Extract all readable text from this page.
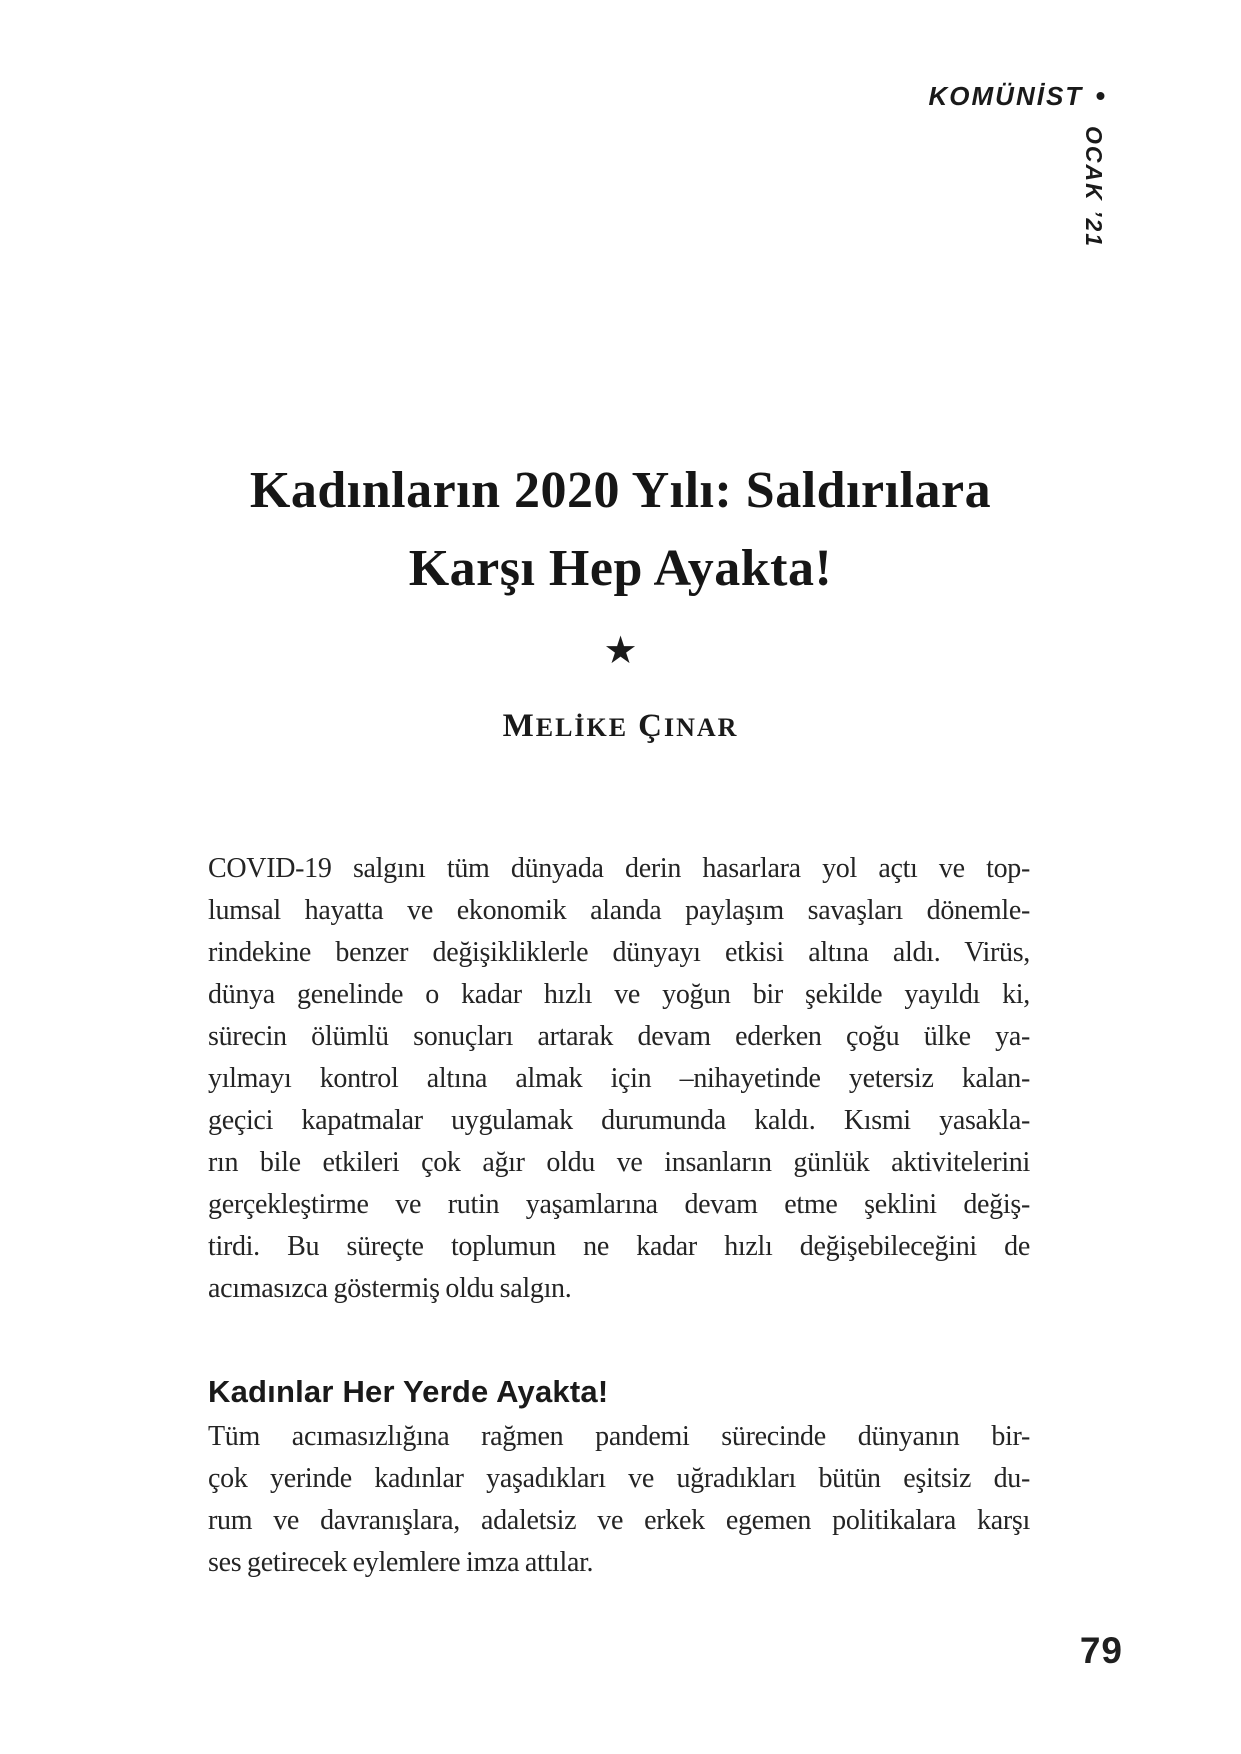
KOMÜNİST •
OCAK ’21
Kadınların 2020 Yılı: Saldırılara
Karşı Hep Ayakta!
★
MELİKE ÇINAR
COVID-19 salgını tüm dünyada derin hasarlara yol açtı ve top-
lumsal hayatta ve ekonomik alanda paylaşım savaşları dönemle-
rindekine benzer değişikliklerle dünyayı etkisi altına aldı. Virüs,
dünya genelinde o kadar hızlı ve yoğun bir şekilde yayıldı ki,
sürecin ölümlü sonuçları artarak devam ederken çoğu ülke ya-
yılmayı kontrol altına almak için –nihayetinde yetersiz kalan-
geçici kapatmalar uygulamak durumunda kaldı. Kısmi yasakla-
rın bile etkileri çok ağır oldu ve insanların günlük aktivitelerini
gerçekleştirme ve rutin yaşamlarına devam etme şeklini değiş-
tirdi. Bu süreçte toplumun ne kadar hızlı değişebileceğini de
acımasızca göstermiş oldu salgın.
Kadınlar Her Yerde Ayakta!
Tüm acımasızlığına rağmen pandemi sürecinde dünyanın bir-
çok yerinde kadınlar yaşadıkları ve uğradıkları bütün eşitsiz du-
rum ve davranışlara, adaletsiz ve erkek egemen politikalara karşı
ses getirecek eylemlere imza attılar.
79
